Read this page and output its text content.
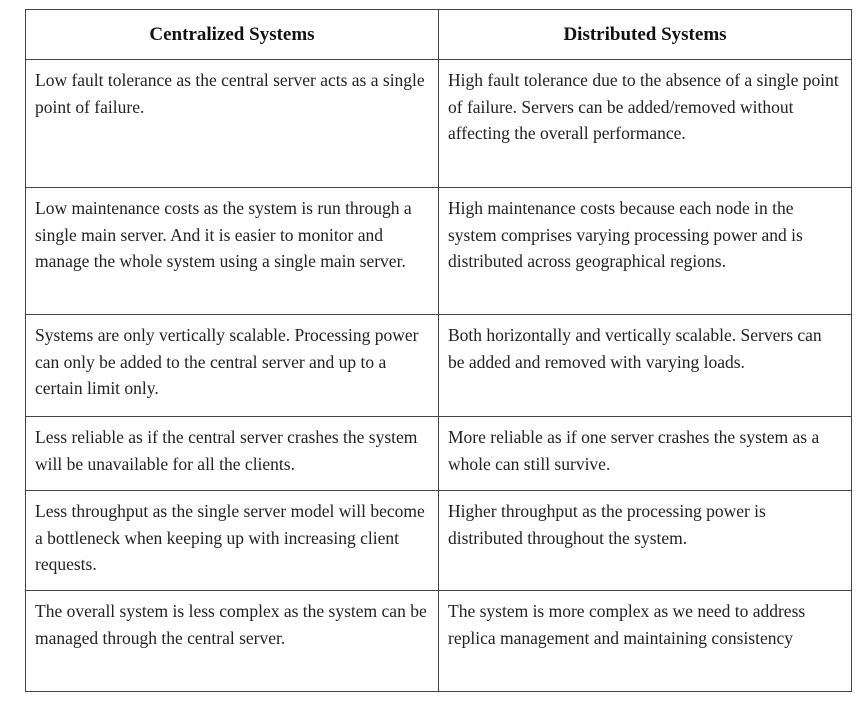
Centralized Systems	Distributed Systems
Low fault tolerance as the central server acts as a single point of failure.	High fault tolerance due to the absence of a single point of failure. Servers can be added/removed without affecting the overall performance.
Low maintenance costs as the system is run through a single main server. And it is easier to monitor and manage the whole system using a single main server.	High maintenance costs because each node in the system comprises varying processing power and is distributed across geographical regions.
Systems are only vertically scalable. Processing power can only be added to the central server and up to a certain limit only.	Both horizontally and vertically scalable. Servers can be added and removed with varying loads.
Less reliable as if the central server crashes the system will be unavailable for all the clients.	More reliable as if one server crashes the system as a whole can still survive.
Less throughput as the single server model will become a bottleneck when keeping up with increasing client requests.	Higher throughput as the processing power is distributed throughout the system.
The overall system is less complex as the system can be managed through the central server.	The system is more complex as we need to address replica management and maintaining consistency
